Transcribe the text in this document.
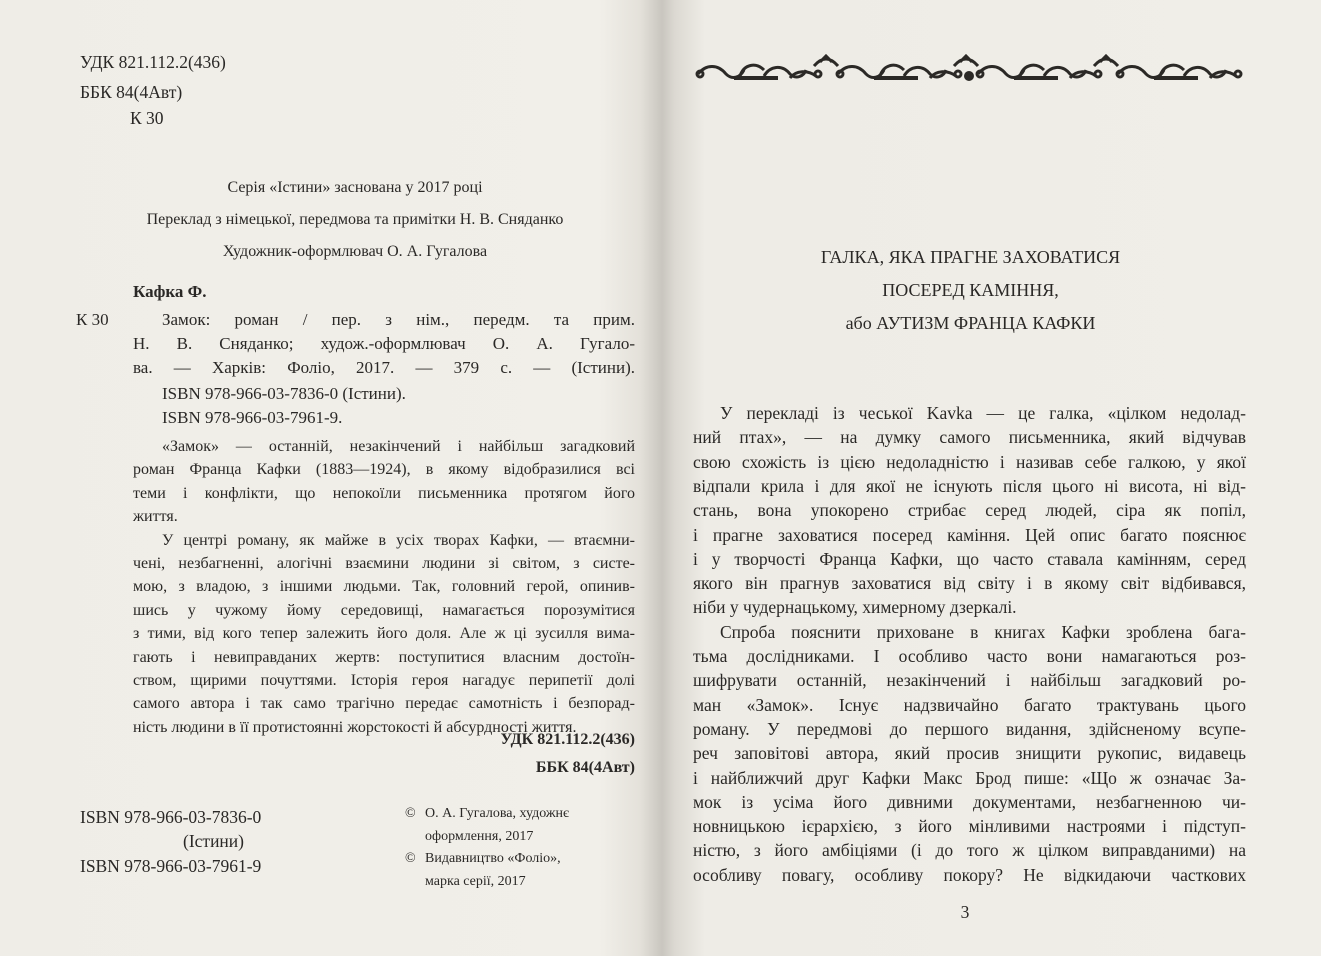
УДК 821.112.2(436)
ББК 84(4Авт)
К 30
Серія «Істини» заснована у 2017 році
Переклад з німецької, передмова та примітки Н. В. Сняданко
Художник-оформлювач О. А. Гугалова
Кафка Ф.
К 30	Замок: роман / пер. з нім., передм. та прим.
Н. В. Сняданко; худож.-оформлювач О. А. Гугало-
ва. — Харків: Фоліо, 2017. — 379 с. — (Істини).
ISBN 978-966-03-7836-0 (Істини).
ISBN 978-966-03-7961-9.
«Замок» — останній, незакінчений і найбільш загадковий
роман Франца Кафки (1883—1924), в якому відобразилися всі
теми і конфлікти, що непокоїли письменника протягом його
життя.
У центрі роману, як майже в усіх творах Кафки, — втаємни-
чені, незбагненні, алогічні взаємини людини зі світом, з систе-
мою, з владою, з іншими людьми. Так, головний герой, опинив-
шись у чужому йому середовищі, намагається порозумітися
з тими, від кого тепер залежить його доля. Але ж ці зусилля вима-
гають і невиправданих жертв: поступитися власним достоїн-
ством, щирими почуттями. Історія героя нагадує перипетії долі
самого автора і так само трагічно передає самотність і безпорад-
ність людини в її протистоянні жорстокості й абсурдності життя.
УДК 821.112.2(436)
ББК 84(4Авт)
ISBN 978-966-03-7836-0
(Істини)
ISBN 978-966-03-7961-9
©
©
О. А. Гугалова, художнє
оформлення, 2017
Видавництво «Фоліо»,
марка серії, 2017
ГАЛКА, ЯКА ПРАГНЕ ЗАХОВАТИСЯ
ПОСЕРЕД КАМІННЯ,
або АУТИЗМ ФРАНЦА КАФКИ
У перекладі із чеської Kavka — це галка, «цілком недолад-
ний птах», — на думку самого письменника, який відчував
свою схожість із цією недоладністю і називав себе галкою, у якої
відпали крила і для якої не існують після цього ні висота, ні від-
стань, вона упокорено стрибає серед людей, сіра як попіл,
і прагне заховатися посеред каміння. Цей опис багато пояснює
і у творчості Франца Кафки, що часто ставала камінням, серед
якого він прагнув заховатися від світу і в якому світ відбивався,
ніби у чудернацькому, химерному дзеркалі.
Спроба пояснити приховане в книгах Кафки зроблена бага-
тьма дослідниками. І особливо часто вони намагаються роз-
шифрувати останній, незакінчений і найбільш загадковий ро-
ман «Замок». Існує надзвичайно багато трактувань цього
роману. У передмові до першого видання, здійсненому всупе-
реч заповітові автора, який просив знищити рукопис, видавець
і найближчий друг Кафки Макс Брод пише: «Що ж означає За-
мок із усіма його дивними документами, незбагненною чи-
новницькою ієрархією, з його мінливими настроями і підступ-
ністю, з його амбіціями (і до того ж цілком виправданими) на
особливу повагу, особливу покору? Не відкидаючи часткових
3
